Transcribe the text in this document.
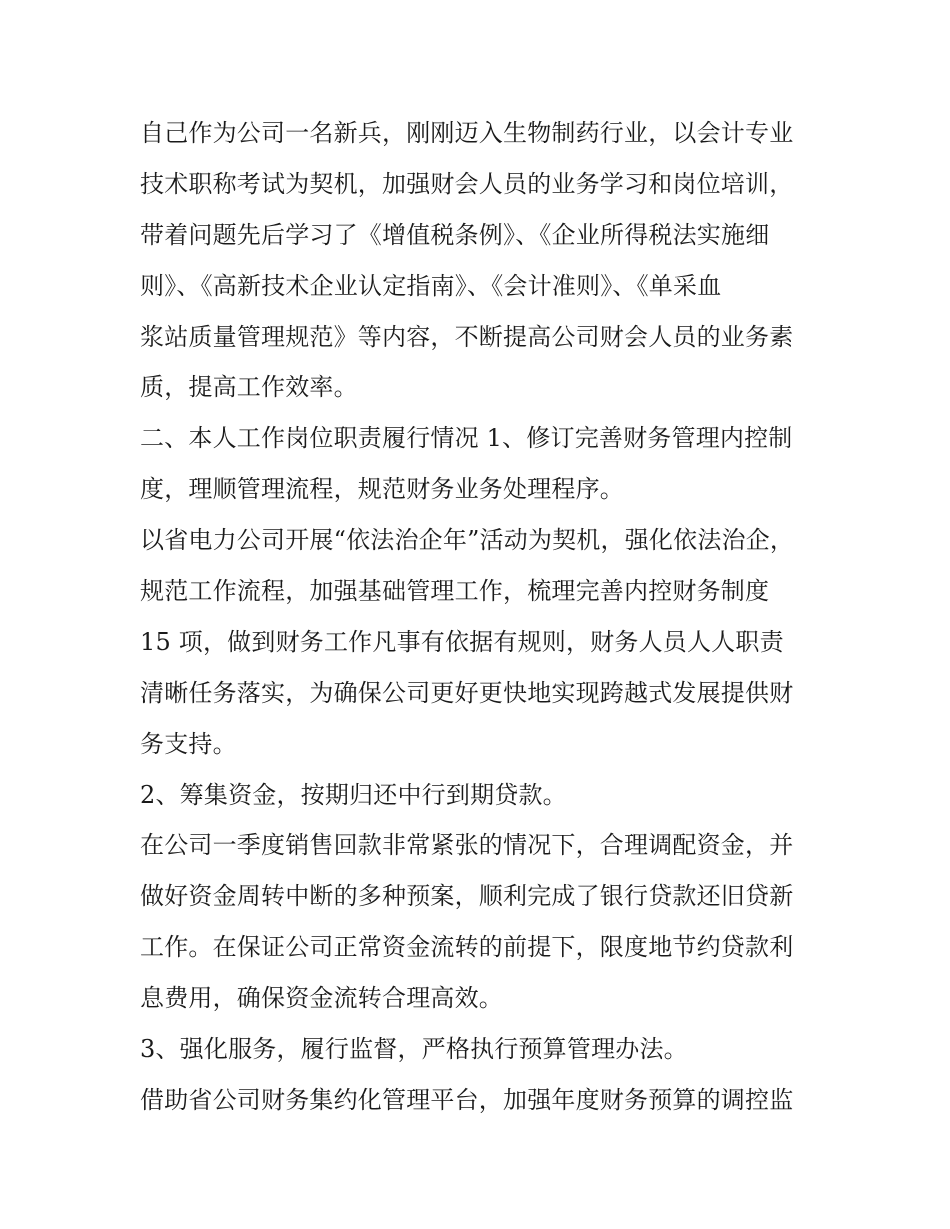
自己作为公司一名新兵，刚刚迈入生物制药行业，以会计专业
技术职称考试为契机，加强财会人员的业务学习和岗位培训，
带着问题先后学习了《增值税条例》、《企业所得税法实施细
则》、《高新技术企业认定指南》、《会计准则》、《单采血
浆站质量管理规范》等内容，不断提高公司财会人员的业务素
质，提高工作效率。
二、本人工作岗位职责履行情况 1、修订完善财务管理内控制
度，理顺管理流程，规范财务业务处理程序。
以省电力公司开展“依法治企年”活动为契机，强化依法治企，
规范工作流程，加强基础管理工作，梳理完善内控财务制度
15 项，做到财务工作凡事有依据有规则，财务人员人人职责
清晰任务落实，为确保公司更好更快地实现跨越式发展提供财
务支持。
2、筹集资金，按期归还中行到期贷款。
在公司一季度销售回款非常紧张的情况下，合理调配资金，并
做好资金周转中断的多种预案，顺利完成了银行贷款还旧贷新
工作。在保证公司正常资金流转的前提下，限度地节约贷款利
息费用，确保资金流转合理高效。
3、强化服务，履行监督，严格执行预算管理办法。
借助省公司财务集约化管理平台，加强年度财务预算的调控监
